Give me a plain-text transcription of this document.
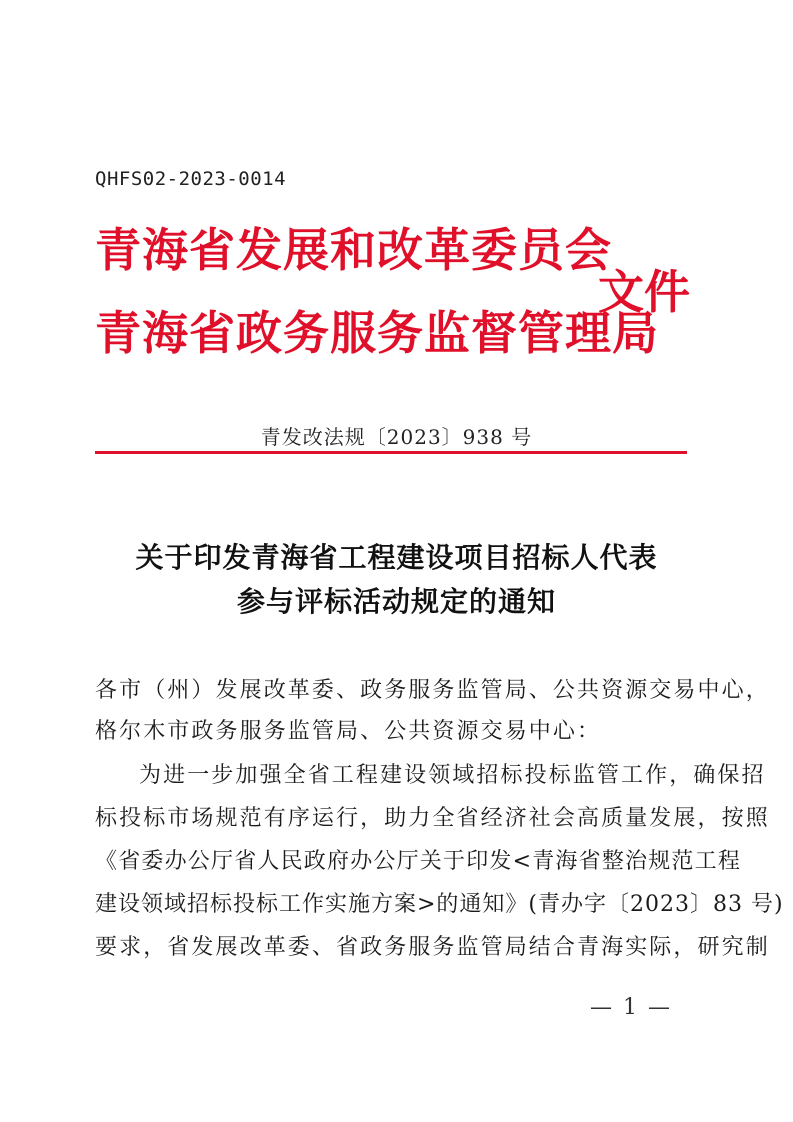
QHFS02-2023-0014
青海省发展和改革委员会
青海省政务服务监督管理局
文件
青发改法规〔2023〕938 号
关于印发青海省工程建设项目招标人代表
参与评标活动规定的通知
各市（州）发展改革委、政务服务监管局、公共资源交易中心，
格尔木市政务服务监管局、公共资源交易中心：
为进一步加强全省工程建设领域招标投标监管工作，确保招
标投标市场规范有序运行，助力全省经济社会高质量发展，按照
《省委办公厅省人民政府办公厅关于印发<青海省整治规范工程
建设领域招标投标工作实施方案>的通知》(青办字〔2023〕83 号)
要求，省发展改革委、省政务服务监管局结合青海实际，研究制
— 1 —
